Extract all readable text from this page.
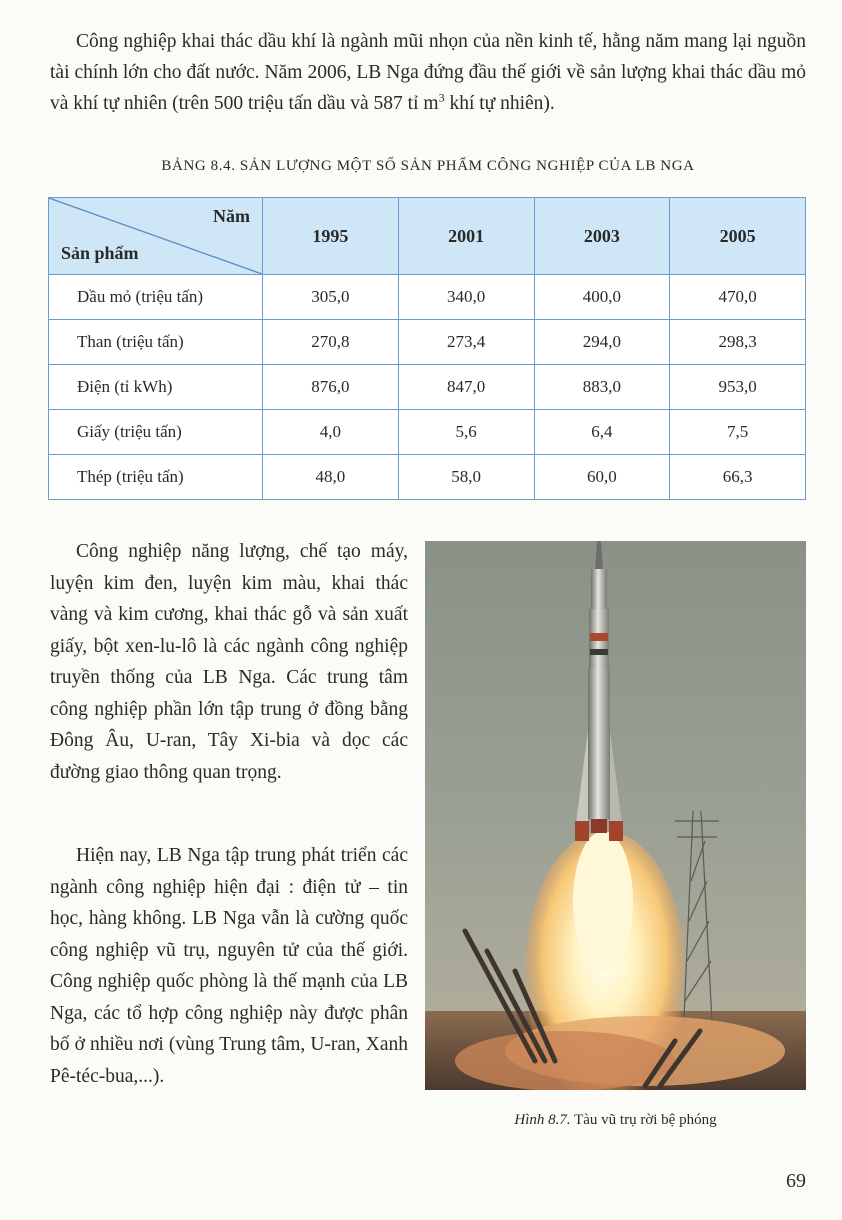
Công nghiệp khai thác dầu khí là ngành mũi nhọn của nền kinh tế, hằng năm mang lại nguồn tài chính lớn cho đất nước. Năm 2006, LB Nga đứng đầu thế giới về sản lượng khai thác dầu mỏ và khí tự nhiên (trên 500 triệu tấn dầu và 587 tỉ $m^3$ khí tự nhiên).

BẢNG 8.4. SẢN LƯỢNG MỘT SỐ SẢN PHẨM CÔNG NGHIỆP CỦA LB NGA

Năm
Sản phẩm	1995	2001	2003	2005
Dầu mỏ (triệu tấn)	305,0	340,0	400,0	470,0
Than (triệu tấn)	270,8	273,4	294,0	298,3
Điện (tỉ kWh)	876,0	847,0	883,0	953,0
Giấy (triệu tấn)	4,0	5,6	6,4	7,5
Thép (triệu tấn)	48,0	58,0	60,0	66,3

Công nghiệp năng lượng, chế tạo máy, luyện kim đen, luyện kim màu, khai thác vàng và kim cương, khai thác gỗ và sản xuất giấy, bột xen-lu-lô là các ngành công nghiệp truyền thống của LB Nga. Các trung tâm công nghiệp phần lớn tập trung ở đồng bằng Đông Âu, U-ran, Tây Xi-bia và dọc các đường giao thông quan trọng.

Hiện nay, LB Nga tập trung phát triển các ngành công nghiệp hiện đại : điện tử – tin học, hàng không. LB Nga vẫn là cường quốc công nghiệp vũ trụ, nguyên tử của thế giới. Công nghiệp quốc phòng là thế mạnh của LB Nga, các tổ hợp công nghiệp này được phân bố ở nhiều nơi (vùng Trung tâm, U-ran, Xanh Pê-téc-bua,...).

Hình 8.7. Tàu vũ trụ rời bệ phóng

69
